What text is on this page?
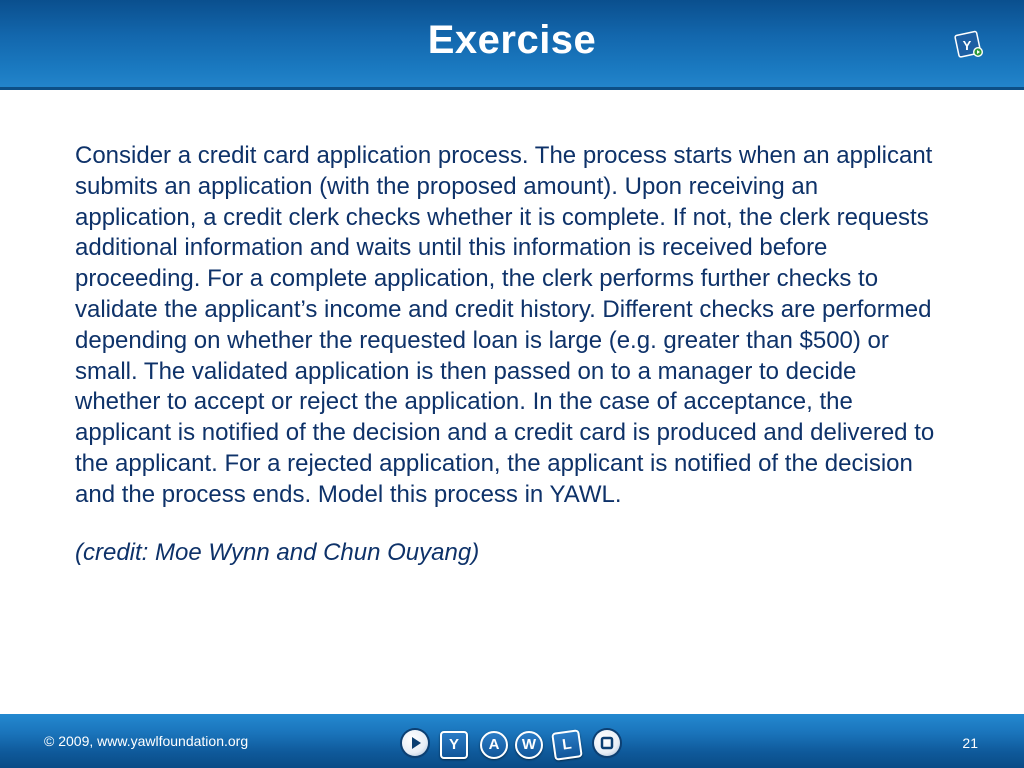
Exercise	Y

Consider a credit card application process. The process starts when an applicant submits an application (with the proposed amount). Upon receiving an application, a credit clerk checks whether it is complete. If not, the clerk requests additional information and waits until this information is received before proceeding. For a complete application, the clerk performs further checks to validate the applicant’s income and credit history. Different checks are performed depending on whether the requested loan is large (e.g. greater than $500) or small. The validated application is then passed on to a manager to decide whether to accept or reject the application. In the case of acceptance, the applicant is notified of the decision and a credit card is produced and delivered to the applicant. For a rejected application, the applicant is notified of the decision and the process ends. Model this process in YAWL.

(credit: Moe Wynn and Chun Ouyang)

© 2009, www.yawlfoundation.org	Y	A	W	L	21
